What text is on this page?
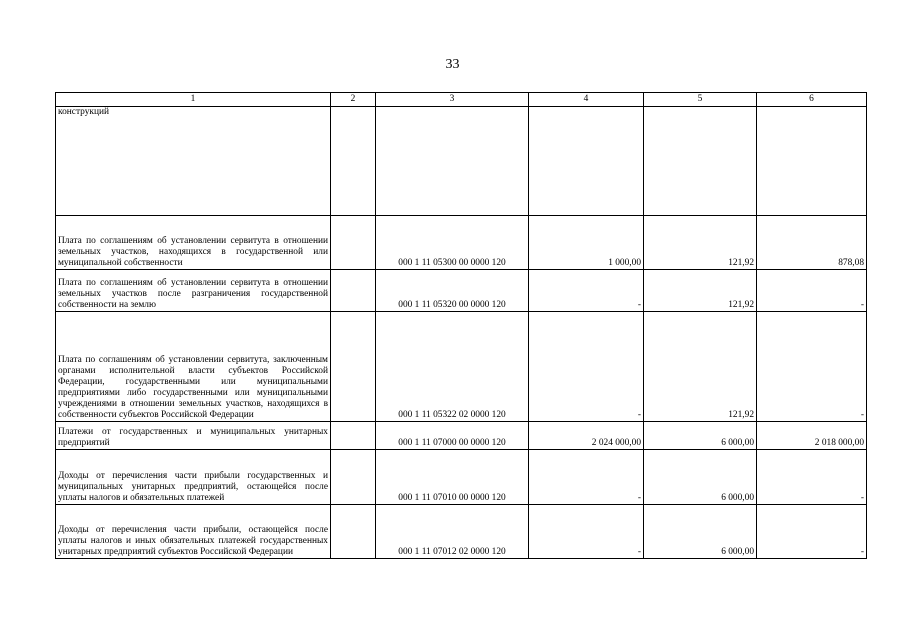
33
1	2	3	4	5	6
конструкций					
Плата по соглашениям об установлении сервитута в отношении земельных участков, находящихся в государственной или муниципальной собственности		000 1 11 05300 00 0000 120	1 000,00	121,92	878,08
Плата по соглашениям об установлении сервитута в отношении земельных участков после разграничения государственной собственности на землю		000 1 11 05320 00 0000 120	-	121,92	-
Плата по соглашениям об установлении сервитута, заключенным органами исполнительной власти субъектов Российской Федерации, государственными или муниципальными предприятиями либо государственными или муниципальными учреждениями в отношении земельных участков, находящихся в собственности субъектов Российской Федерации		000 1 11 05322 02 0000 120	-	121,92	-
Платежи от государственных и муниципальных унитарных предприятий		000 1 11 07000 00 0000 120	2 024 000,00	6 000,00	2 018 000,00
Доходы от перечисления части прибыли государственных и муниципальных унитарных предприятий, остающейся после уплаты налогов и обязательных платежей		000 1 11 07010 00 0000 120	-	6 000,00	-
Доходы от перечисления части прибыли, остающейся после уплаты налогов и иных обязательных платежей государственных унитарных предприятий субъектов Российской Федерации		000 1 11 07012 02 0000 120	-	6 000,00	-
